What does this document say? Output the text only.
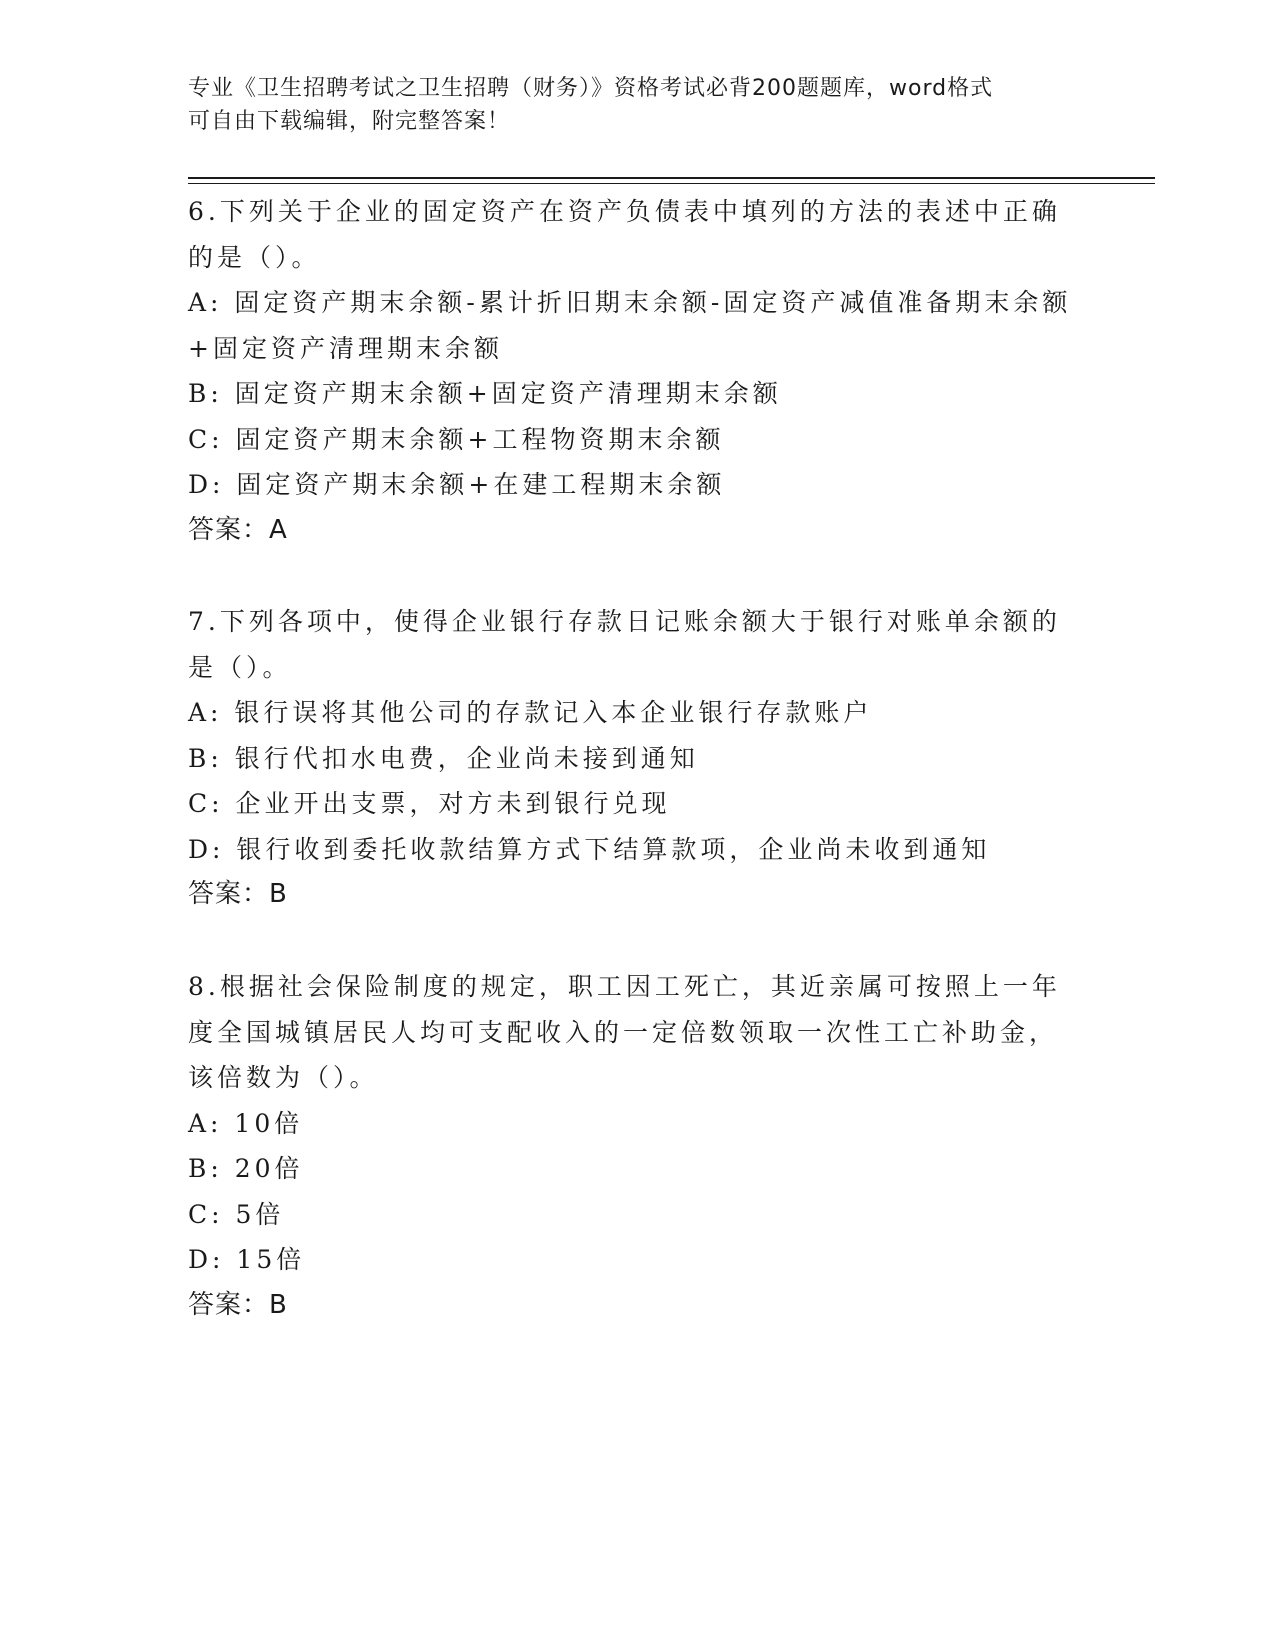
专业《卫生招聘考试之卫生招聘（财务）》资格考试必背200题题库，word格式
可自由下载编辑，附完整答案！
6.下列关于企业的固定资产在资产负债表中填列的方法的表述中正确
的是（）。
A: 固定资产期末余额-累计折旧期末余额-固定资产减值准备期末余额
+固定资产清理期末余额
B: 固定资产期末余额+固定资产清理期末余额
C: 固定资产期末余额+工程物资期末余额
D: 固定资产期末余额+在建工程期末余额
答案：A
7.下列各项中，使得企业银行存款日记账余额大于银行对账单余额的
是（）。
A: 银行误将其他公司的存款记入本企业银行存款账户
B: 银行代扣水电费，企业尚未接到通知
C: 企业开出支票，对方未到银行兑现
D: 银行收到委托收款结算方式下结算款项，企业尚未收到通知
答案：B
8.根据社会保险制度的规定，职工因工死亡，其近亲属可按照上一年
度全国城镇居民人均可支配收入的一定倍数领取一次性工亡补助金，
该倍数为（）。
A: 10倍
B: 20倍
C: 5倍
D: 15倍
答案：B
